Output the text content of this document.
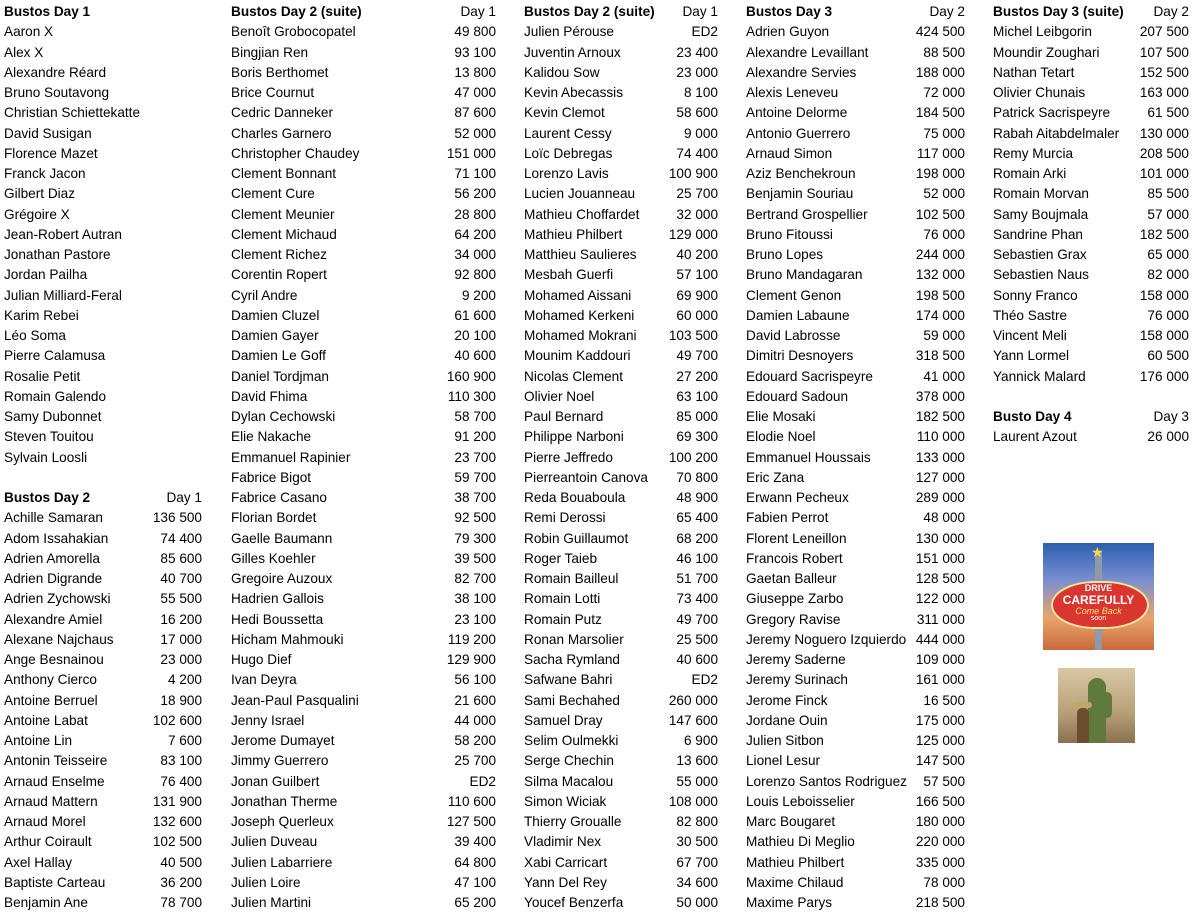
Bustos Day 1
Aaron X
Alex X
Alexandre Réard
Bruno Soutavong
Christian Schiettekatte
David Susigan
Florence Mazet
Franck Jacon
Gilbert Diaz
Grégoire X
Jean-Robert Autran
Jonathan Pastore
Jordan Pailha
Julian Milliard-Feral
Karim Rebei
Léo Soma
Pierre Calamusa
Rosalie Petit
Romain Galendo
Samy Dubonnet
Steven Touitou
Sylvain Loosli
Bustos Day 2	Day 1
Achille Samaran	136 500
Adom Issahakian	74 400
Adrien Amorella	85 600
Adrien Digrande	40 700
Adrien Zychowski	55 500
Alexandre Amiel	16 200
Alexane Najchaus	17 000
Ange Besnainou	23 000
Anthony Cierco	4 200
Antoine Berruel	18 900
Antoine Labat	102 600
Antoine Lin	7 600
Antonin Teisseire	83 100
Arnaud Enselme	76 400
Arnaud Mattern	131 900
Arnaud Morel	132 600
Arthur Coirault	102 500
Axel Hallay	40 500
Baptiste Carteau	36 200
Benjamin Ane	78 700
Bustos Day 2 (suite)	Day 1
Benoît Grobocopatel	49 800
Bingjian Ren	93 100
Boris Berthomet	13 800
Brice Cournut	47 000
Cedric Danneker	87 600
Charles Garnero	52 000
Christopher Chaudey	151 000
Clement Bonnant	71 100
Clement Cure	56 200
Clement Meunier	28 800
Clement Michaud	64 200
Clement Richez	34 000
Corentin Ropert	92 800
Cyril Andre	9 200
Damien Cluzel	61 600
Damien Gayer	20 100
Damien Le Goff	40 600
Daniel Tordjman	160 900
David Fhima	110 300
Dylan Cechowski	58 700
Elie Nakache	91 200
Emmanuel Rapinier	23 700
Fabrice Bigot	59 700
Fabrice Casano	38 700
Florian Bordet	92 500
Gaelle Baumann	79 300
Gilles Koehler	39 500
Gregoire Auzoux	82 700
Hadrien Gallois	38 100
Hedi Boussetta	23 100
Hicham Mahmouki	119 200
Hugo Dief	129 900
Ivan Deyra	56 100
Jean-Paul Pasqualini	21 600
Jenny Israel	44 000
Jerome Dumayet	58 200
Jimmy Guerrero	25 700
Jonan Guilbert	ED2
Jonathan Therme	110 600
Joseph Querleux	127 500
Julien Duveau	39 400
Julien Labarriere	64 800
Julien Loire	47 100
Julien Martini	65 200
Bustos Day 2 (suite) Day 1
Julien Pérouse	ED2
Juventin Arnoux	23 400
Kalidou Sow	23 000
Kevin Abecassis	8 100
Kevin Clemot	58 600
Laurent Cessy	9 000
Loïc Debregas	74 400
Lorenzo Lavis	100 900
Lucien Jouanneau	25 700
Mathieu Choffardet	32 000
Mathieu Philbert	129 000
Matthieu Saulieres	40 200
Mesbah Guerfi	57 100
Mohamed Aissani	69 900
Mohamed Kerkeni	60 000
Mohamed Mokrani 103 500
Mounim Kaddouri	49 700
Nicolas Clement	27 200
Olivier Noel	63 100
Paul Bernard	85 000
Philippe Narboni	69 300
Pierre Jeffredo	100 200
Pierreantoin Canova 70 800
Reda Bouaboula	48 900
Remi Derossi	65 400
Robin Guillaumot	68 200
Roger Taieb	46 100
Romain Bailleul	51 700
Romain Lotti	73 400
Romain Putz	49 700
Ronan Marsolier	25 500
Sacha Rymland	40 600
Safwane Bahri	ED2
Sami Bechahed	260 000
Samuel Dray	147 600
Selim Oulmekki	6 900
Serge Chechin	13 600
Silma Macalou	55 000
Simon Wiciak	108 000
Thierry Groualle	82 800
Vladimir Nex	30 500
Xabi Carricart	67 700
Yann Del Rey	34 600
Youcef Benzerfa	50 000
Bustos Day 3	Day 2
Adrien Guyon	424 500
Alexandre Levaillant	88 500
Alexandre Servies	188 000
Alexis Leneveu	72 000
Antoine Delorme	184 500
Antonio Guerrero	75 000
Arnaud Simon	117 000
Aziz Benchekroun	198 000
Benjamin Souriau	52 000
Bertrand Grospellier	102 500
Bruno Fitoussi	76 000
Bruno Lopes	244 000
Bruno Mandagaran	132 000
Clement Genon	198 500
Damien Labaune	174 000
David Labrosse	59 000
Dimitri Desnoyers	318 500
Edouard Sacrispeyre	41 000
Edouard Sadoun	378 000
Elie Mosaki	182 500
Elodie Noel	110 000
Emmanuel Houssais	133 000
Eric Zana	127 000
Erwann Pecheux	289 000
Fabien Perrot	48 000
Florent Leneillon	130 000
Francois Robert	151 000
Gaetan Balleur	128 500
Giuseppe Zarbo	122 000
Gregory Ravise	311 000
Jeremy Noguero Izquierdo 444 000
Jeremy Saderne	109 000
Jeremy Surinach	161 000
Jerome Finck	16 500
Jordane Ouin	175 000
Julien Sitbon	125 000
Lionel Lesur	147 500
Lorenzo Santos Rodriguez 57 500
Louis Leboisselier	166 500
Marc Bougaret	180 000
Mathieu Di Meglio	220 000
Mathieu Philbert	335 000
Maxime Chilaud	78 000
Maxime Parys	218 500
Bustos Day 3 (suite) Day 2
Michel Leibgorin	207 500
Moundir Zoughari	107 500
Nathan Tetart	152 500
Olivier Chunais	163 000
Patrick Sacrispeyre	61 500
Rabah Aitabdelmaler 130 000
Remy Murcia	208 500
Romain Arki	101 000
Romain Morvan	85 500
Samy Boujmala	57 000
Sandrine Phan	182 500
Sebastien Grax	65 000
Sebastien Naus	82 000
Sonny Franco	158 000
Théo Sastre	76 000
Vincent Meli	158 000
Yann Lormel	60 500
Yannick Malard	176 000
Busto Day 4	Day 3
Laurent Azout	26 000
★
DRIVE
CAREFULLY
Come Back
soon
